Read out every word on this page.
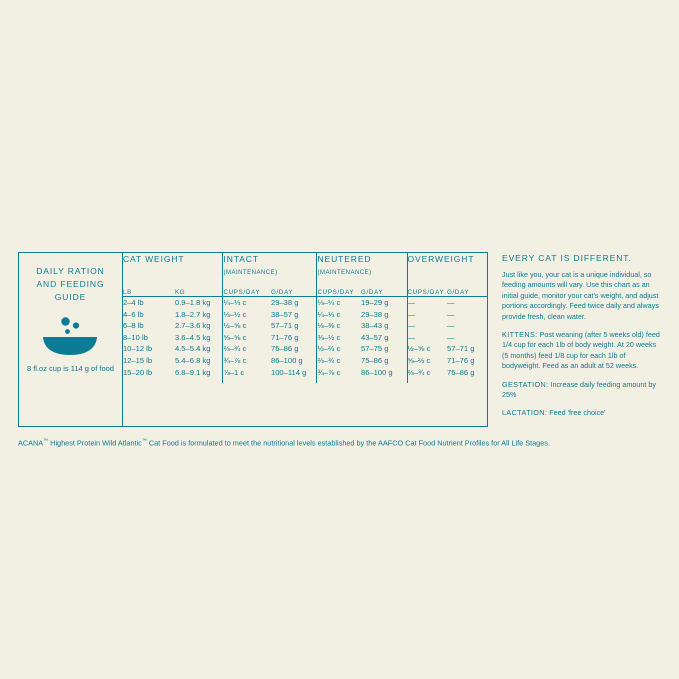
DAILY RATION AND FEEDING GUIDE
8 fl.oz cup is 114 g of food
CAT WEIGHT		INTACT
(MAINTENANCE)		NEUTERED
(MAINTENANCE)		OVERWEIGHT	
LB	KG	CUPS/DAY	G/DAY	CUPS/DAY	G/DAY	CUPS/DAY	G/DAY
2–4 lb	0.9–1.8 kg	¼–⅓ c	29–38 g	⅛–¼ c	19–29 g	—	—
4–6 lb	1.8–2.7 kg	⅓–½ c	38–57 g	¼–⅓ c	29–38 g	—	—
6–8 lb	2.7–3.6 kg	½–⅝ c	57–71 g	⅓–⅜ c	38–43 g	—	—
8–10 lb	3.6–4.5 kg	⅝–⅝ c	71–76 g	⅜–½ c	43–57 g	—	—
10–12 lb	4.5–5.4 kg	⅔–¾ c	76–86 g	½–⅔ c	57–75 g	½–⅝ c	57–71 g
12–15 lb	5.4–6.8 kg	¾–⅞ c	86–100 g	⅔–¾ c	75–86 g	⅝–⅔ c	71–76 g
15–20 lb	6.8–9.1 kg	⅞–1 c	100–114 g	¾–⅞ c	86–100 g	⅔–¾ c	76–86 g
EVERY CAT IS DIFFERENT.

Just like you, your cat is a unique individual, so feeding amounts will vary. Use this chart as an initial guide, monitor your cat's weight, and adjust portions accordingly. Feed twice daily and always provide fresh, clean water.

KITTENS: Post weaning (after 5 weeks old) feed 1/4 cup for each 1lb of body weight. At 20 weeks (5 months) feed 1/8 cup for each 1lb of bodyweight. Feed as an adult at 52 weeks.

GESTATION: Increase daily feeding amount by 25%

LACTATION: Feed 'free choice'

ACANA™ Highest Protein Wild Atlantic™ Cat Food is formulated to meet the nutritional levels established by the AAFCO Cat Food Nutrient Profiles for All Life Stages.
